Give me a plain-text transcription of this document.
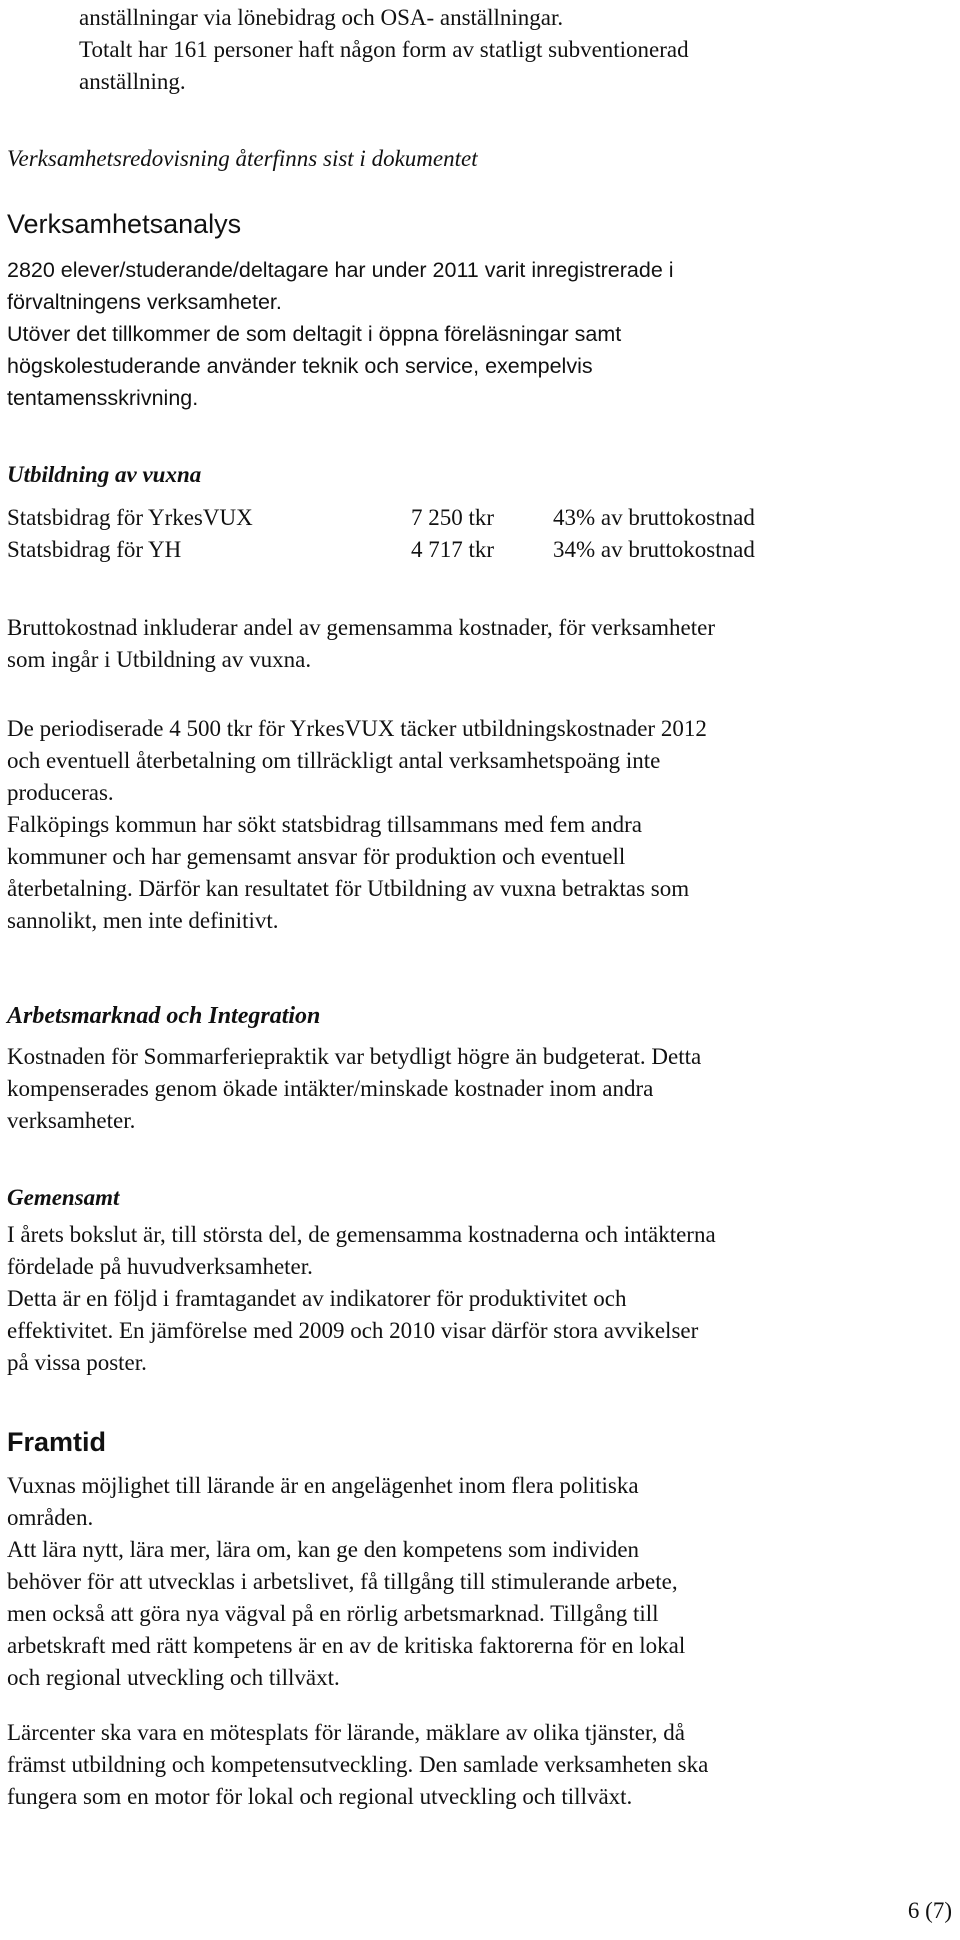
anställningar via lönebidrag och OSA- anställningar.
Totalt har 161 personer haft någon form av statligt subventionerad
anställning.
Verksamhetsredovisning återfinns sist i dokumentet
Verksamhetsanalys
2820 elever/studerande/deltagare har under 2011 varit inregistrerade i
förvaltningens verksamheter.
Utöver det tillkommer de som deltagit i öppna föreläsningar samt
högskolestuderande använder teknik och service, exempelvis
tentamensskrivning.
Utbildning av vuxna
Statsbidrag för YrkesVUX	7 250 tkr	43% av bruttokostnad
Statsbidrag för YH	4 717 tkr	34% av bruttokostnad
Bruttokostnad inkluderar andel av gemensamma kostnader, för verksamheter
som ingår i Utbildning av vuxna.
De periodiserade 4 500 tkr för YrkesVUX täcker utbildningskostnader 2012
och eventuell återbetalning om tillräckligt antal verksamhetspoäng inte
produceras.
Falköpings kommun har sökt statsbidrag tillsammans med fem andra
kommuner och har gemensamt ansvar för produktion och eventuell
återbetalning. Därför kan resultatet för Utbildning av vuxna betraktas som
sannolikt, men inte definitivt.
Arbetsmarknad och Integration
Kostnaden för Sommarferiepraktik var betydligt högre än budgeterat. Detta
kompenserades genom ökade intäkter/minskade kostnader inom andra
verksamheter.
Gemensamt
I årets bokslut är, till största del, de gemensamma kostnaderna och intäkterna
fördelade på huvudverksamheter.
Detta är en följd i framtagandet av indikatorer för produktivitet och
effektivitet. En jämförelse med 2009 och 2010 visar därför stora avvikelser
på vissa poster.
Framtid
Vuxnas möjlighet till lärande är en angelägenhet inom flera politiska
områden.
Att lära nytt, lära mer, lära om, kan ge den kompetens som individen
behöver för att utvecklas i arbetslivet, få tillgång till stimulerande arbete,
men också att göra nya vägval på en rörlig arbetsmarknad. Tillgång till
arbetskraft med rätt kompetens är en av de kritiska faktorerna för en lokal
och regional utveckling och tillväxt.
Lärcenter ska vara en mötesplats för lärande, mäklare av olika tjänster, då
främst utbildning och kompetensutveckling. Den samlade verksamheten ska
fungera som en motor för lokal och regional utveckling och tillväxt.
6 (7)
